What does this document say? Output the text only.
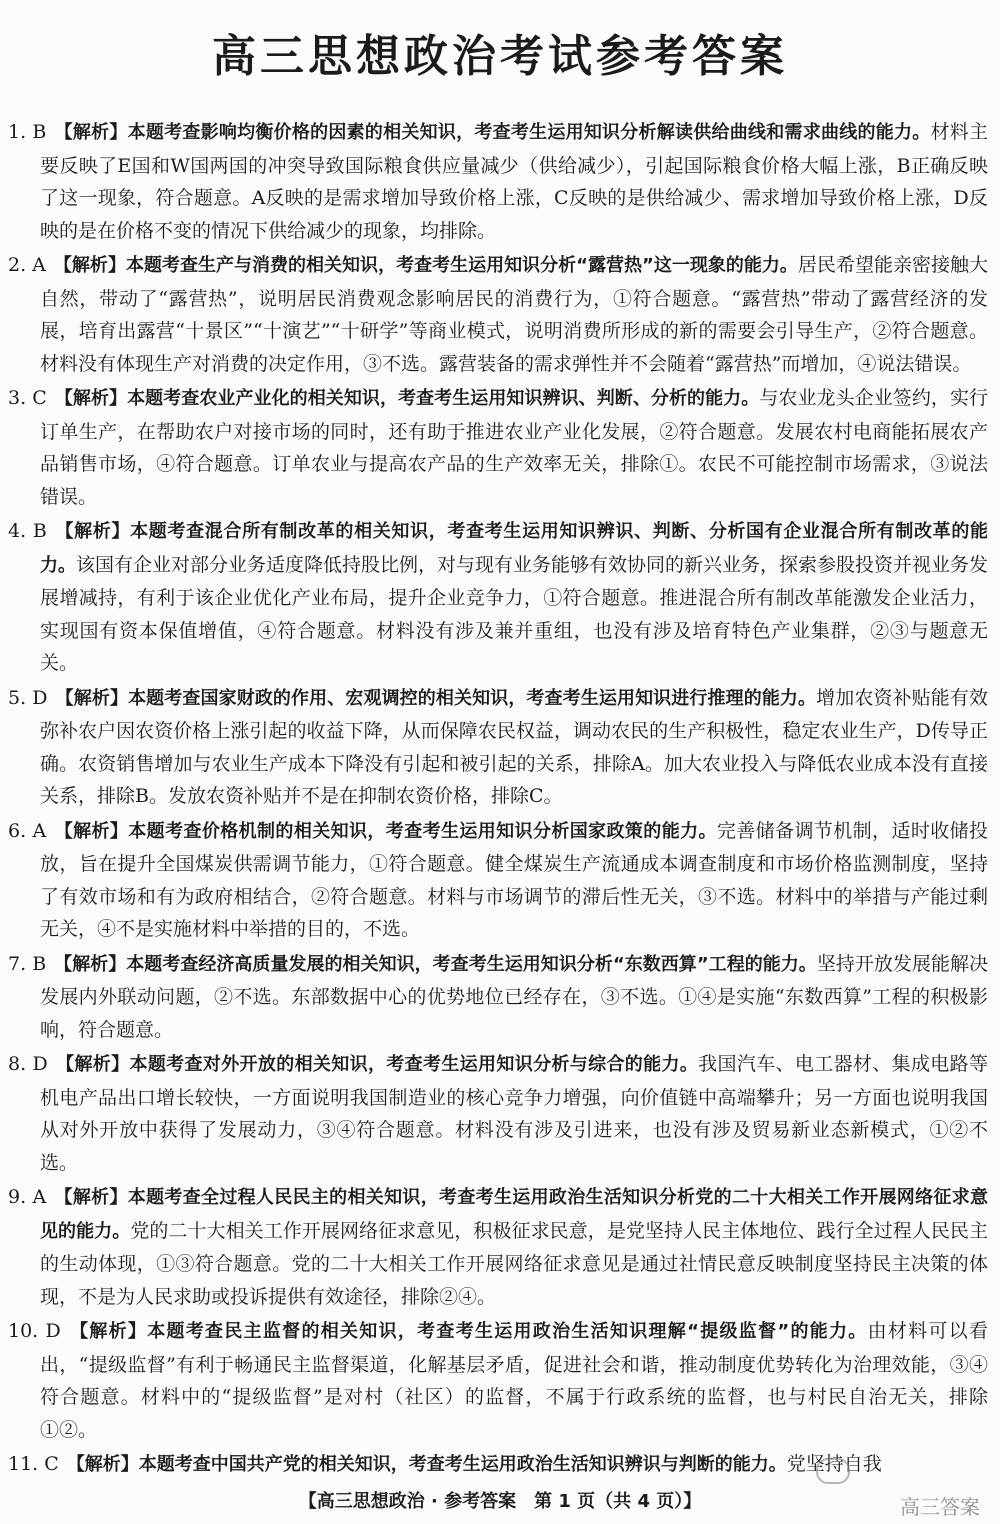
高三思想政治考试参考答案
1. B 【解析】本题考查影响均衡价格的因素的相关知识，考查考生运用知识分析解读供给曲线和需求曲线的能力。材料主要反映了E国和W国两国的冲突导致国际粮食供应量减少（供给减少），引起国际粮食价格大幅上涨，B正确反映了这一现象，符合题意。A反映的是需求增加导致价格上涨，C反映的是供给减少、需求增加导致价格上涨，D反映的是在价格不变的情况下供给减少的现象，均排除。
2. A 【解析】本题考查生产与消费的相关知识，考查考生运用知识分析“露营热”这一现象的能力。居民希望能亲密接触大自然，带动了“露营热”，说明居民消费观念影响居民的消费行为，①符合题意。“露营热”带动了露营经济的发展，培育出露营“十景区”“十演艺”“十研学”等商业模式，说明消费所形成的新的需要会引导生产，②符合题意。材料没有体现生产对消费的决定作用，③不选。露营装备的需求弹性并不会随着“露营热”而增加，④说法错误。
3. C 【解析】本题考查农业产业化的相关知识，考查考生运用知识辨识、判断、分析的能力。与农业龙头企业签约，实行订单生产，在帮助农户对接市场的同时，还有助于推进农业产业化发展，②符合题意。发展农村电商能拓展农产品销售市场，④符合题意。订单农业与提高农产品的生产效率无关，排除①。农民不可能控制市场需求，③说法错误。
4. B 【解析】本题考查混合所有制改革的相关知识，考查考生运用知识辨识、判断、分析国有企业混合所有制改革的能力。该国有企业对部分业务适度降低持股比例，对与现有业务能够有效协同的新兴业务，探索参股投资并视业务发展增减持，有利于该企业优化产业布局，提升企业竞争力，①符合题意。推进混合所有制改革能激发企业活力，实现国有资本保值增值，④符合题意。材料没有涉及兼并重组，也没有涉及培育特色产业集群，②③与题意无关。
5. D 【解析】本题考查国家财政的作用、宏观调控的相关知识，考查考生运用知识进行推理的能力。增加农资补贴能有效弥补农户因农资价格上涨引起的收益下降，从而保障农民权益，调动农民的生产积极性，稳定农业生产，D传导正确。农资销售增加与农业生产成本下降没有引起和被引起的关系，排除A。加大农业投入与降低农业成本没有直接关系，排除B。发放农资补贴并不是在抑制农资价格，排除C。
6. A 【解析】本题考查价格机制的相关知识，考查考生运用知识分析国家政策的能力。完善储备调节机制，适时收储投放，旨在提升全国煤炭供需调节能力，①符合题意。健全煤炭生产流通成本调查制度和市场价格监测制度，坚持了有效市场和有为政府相结合，②符合题意。材料与市场调节的滞后性无关，③不选。材料中的举措与产能过剩无关，④不是实施材料中举措的目的，不选。
7. B 【解析】本题考查经济高质量发展的相关知识，考查考生运用知识分析“东数西算”工程的能力。坚持开放发展能解决发展内外联动问题，②不选。东部数据中心的优势地位已经存在，③不选。①④是实施“东数西算”工程的积极影响，符合题意。
8. D 【解析】本题考查对外开放的相关知识，考查考生运用知识分析与综合的能力。我国汽车、电工器材、集成电路等机电产品出口增长较快，一方面说明我国制造业的核心竞争力增强，向价值链中高端攀升；另一方面也说明我国从对外开放中获得了发展动力，③④符合题意。材料没有涉及引进来，也没有涉及贸易新业态新模式，①②不选。
9. A 【解析】本题考查全过程人民民主的相关知识，考查考生运用政治生活知识分析党的二十大相关工作开展网络征求意见的能力。党的二十大相关工作开展网络征求意见，积极征求民意，是党坚持人民主体地位、践行全过程人民民主的生动体现，①③符合题意。党的二十大相关工作开展网络征求意见是通过社情民意反映制度坚持民主决策的体现，不是为人民求助或投诉提供有效途径，排除②④。
10. D 【解析】本题考查民主监督的相关知识，考查考生运用政治生活知识理解“提级监督”的能力。由材料可以看出，“提级监督”有利于畅通民主监督渠道，化解基层矛盾，促进社会和谐，推动制度优势转化为治理效能，③④符合题意。材料中的“提级监督”是对村（社区）的监督，不属于行政系统的监督，也与村民自治无关，排除①②。
11. C 【解析】本题考查中国共产党的相关知识，考查考生运用政治生活知识辨识与判断的能力。党坚持自我
【高三思想政治 · 参考答案　第 1 页（共 4 页）】	高三答案
